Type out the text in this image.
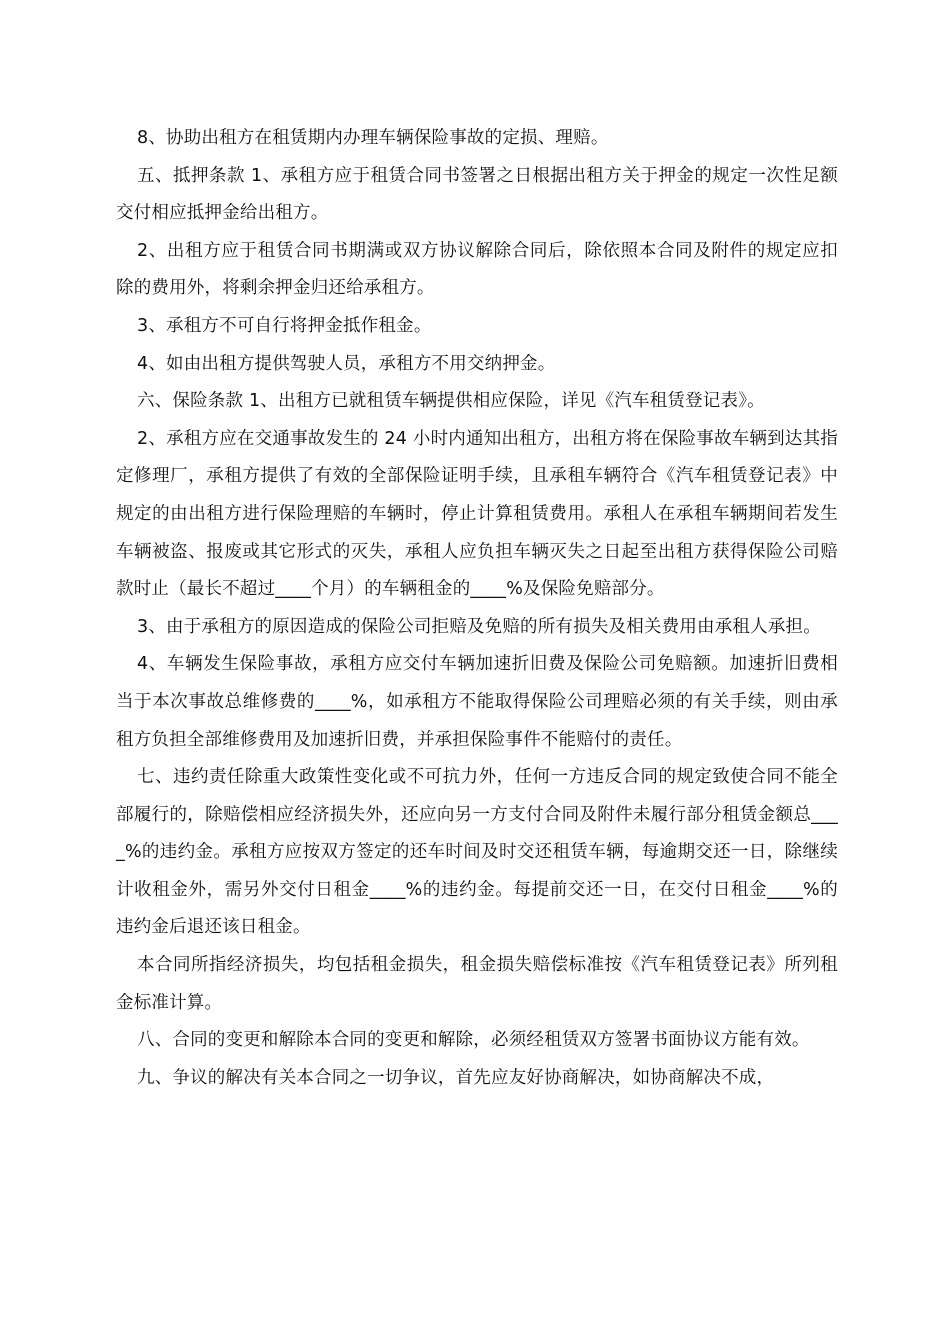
8、协助出租方在租赁期内办理车辆保险事故的定损、理赔。

五、抵押条款 1、承租方应于租赁合同书签署之日根据出租方关于押金的规定一次性足额交付相应抵押金给出租方。

2、出租方应于租赁合同书期满或双方协议解除合同后，除依照本合同及附件的规定应扣除的费用外，将剩余押金归还给承租方。

3、承租方不可自行将押金抵作租金。

4、如由出租方提供驾驶人员，承租方不用交纳押金。

六、保险条款 1、出租方已就租赁车辆提供相应保险，详见《汽车租赁登记表》。

2、承租方应在交通事故发生的 24 小时内通知出租方，出租方将在保险事故车辆到达其指定修理厂，承租方提供了有效的全部保险证明手续，且承租车辆符合《汽车租赁登记表》中规定的由出租方进行保险理赔的车辆时，停止计算租赁费用。承租人在承租车辆期间若发生车辆被盗、报废或其它形式的灭失，承租人应负担车辆灭失之日起至出租方获得保险公司赔款时止（最长不超过____个月）的车辆租金的____%及保险免赔部分。

3、由于承租方的原因造成的保险公司拒赔及免赔的所有损失及相关费用由承租人承担。

4、车辆发生保险事故，承租方应交付车辆加速折旧费及保险公司免赔额。加速折旧费相当于本次事故总维修费的____%，如承租方不能取得保险公司理赔必须的有关手续，则由承租方负担全部维修费用及加速折旧费，并承担保险事件不能赔付的责任。

七、违约责任除重大政策性变化或不可抗力外，任何一方违反合同的规定致使合同不能全部履行的，除赔偿相应经济损失外，还应向另一方支付合同及附件未履行部分租赁金额总____%的违约金。承租方应按双方签定的还车时间及时交还租赁车辆，每逾期交还一日，除继续计收租金外，需另外交付日租金____%的违约金。每提前交还一日，在交付日租金____%的违约金后退还该日租金。

本合同所指经济损失，均包括租金损失，租金损失赔偿标准按《汽车租赁登记表》所列租金标准计算。

八、合同的变更和解除本合同的变更和解除，必须经租赁双方签署书面协议方能有效。

九、争议的解决有关本合同之一切争议，首先应友好协商解决，如协商解决不成，
